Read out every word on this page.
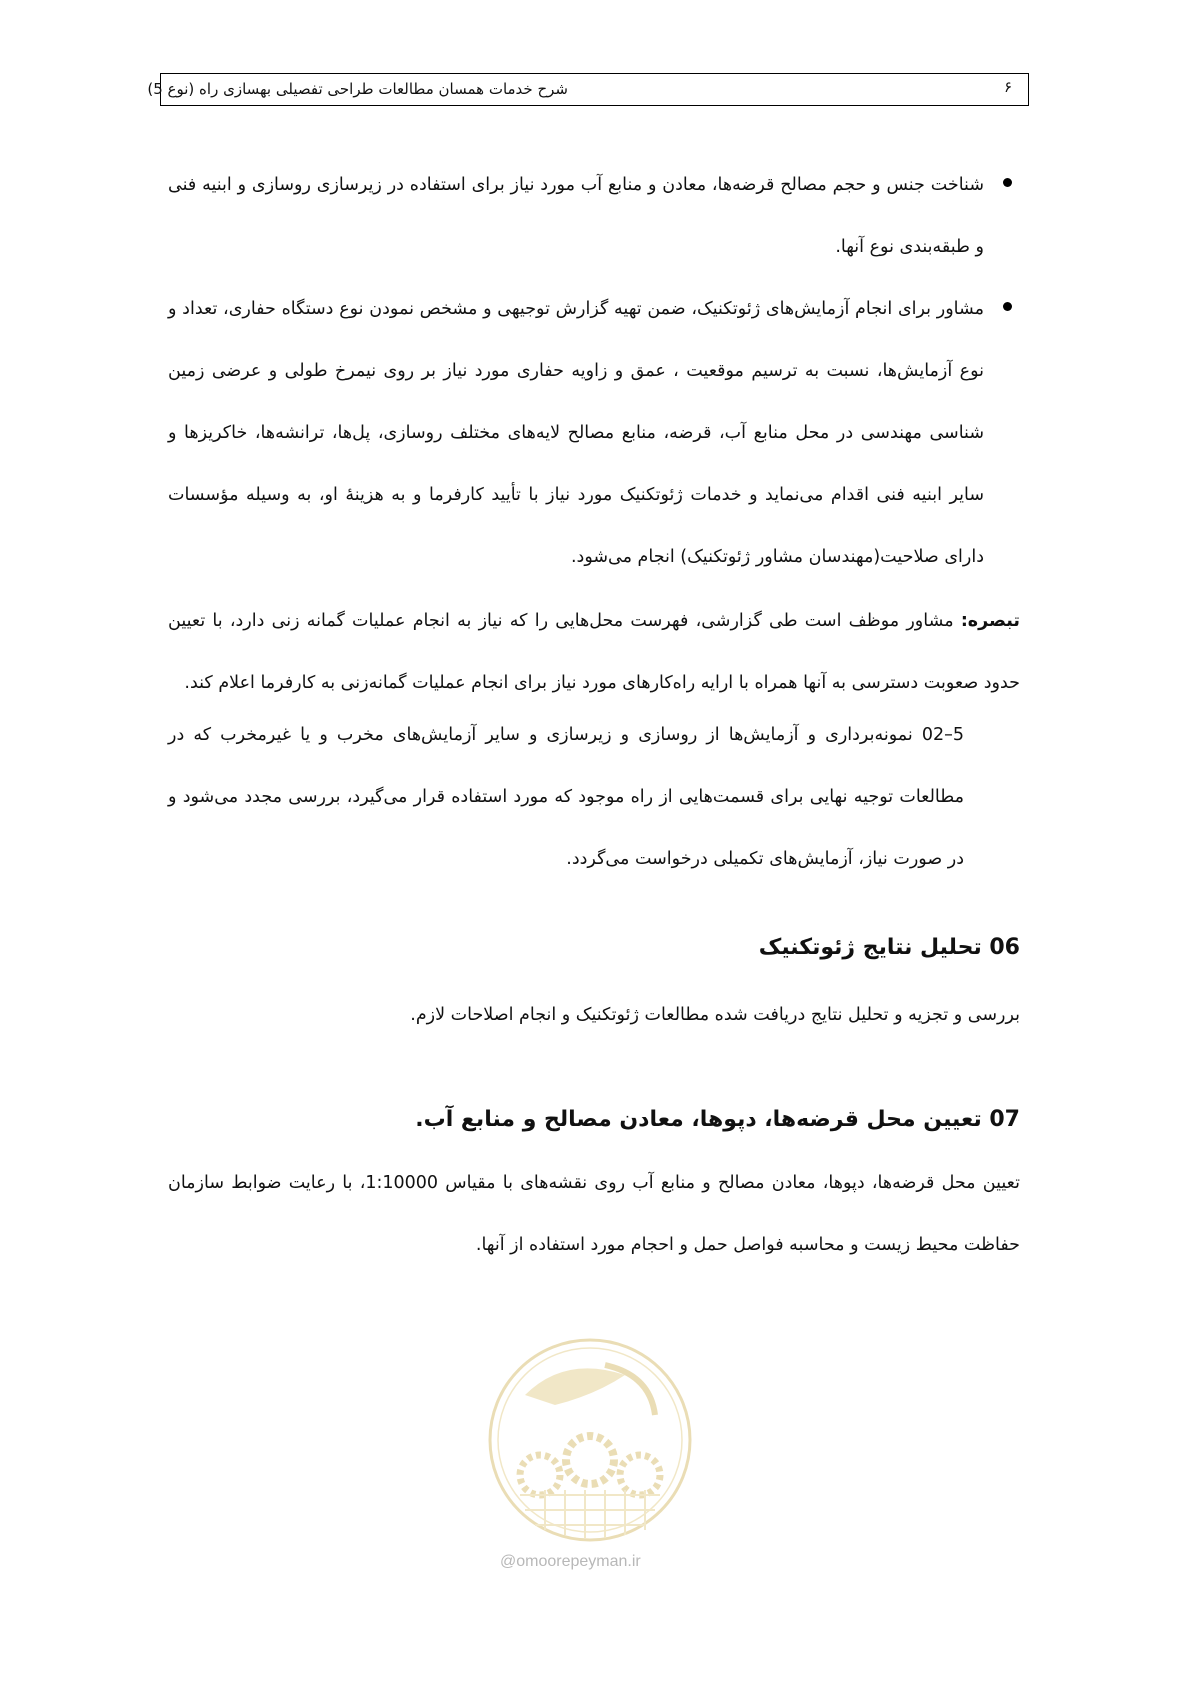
شرح خدمات همسان مطالعات طراحی تفصیلی بهسازی راه (نوع 5)	۶

شناخت جنس و حجم مصالح قرضه‌ها، معادن و منابع آب مورد نیاز برای استفاده در زیرسازی روسازی و ابنیه فنی و طبقه‌بندی نوع آنها.

مشاور برای انجام آزمایش‌های ژئوتکنیک، ضمن تهیه گزارش توجیهی و مشخص نمودن نوع دستگاه حفاری، تعداد و نوع آزمایش‌ها، نسبت به ترسیم موقعیت ، عمق و زاویه حفاری مورد نیاز بر روی نیمرخ طولی و عرضی زمین شناسی مهندسی در محل منابع آب، قرضه، منابع مصالح لایه‌های مختلف روسازی، پل‌ها، ترانشه‌ها، خاکریزها و سایر ابنیه فنی اقدام می‌نماید و خدمات ژئوتکنیک مورد نیاز با تأیید کارفرما و به هزینهٔ او، به وسیله مؤسسات دارای صلاحیت(مهندسان مشاور ژئوتکنیک) انجام می‌شود.

تبصره: مشاور موظف است طی گزارشی، فهرست محل‌هایی را که نیاز به انجام عملیات گمانه زنی دارد، با تعیین حدود صعوبت دسترسی به آنها همراه با ارایه راه‌کارهای مورد نیاز برای انجام عملیات گمانه‌زنی به کارفرما اعلام کند.

5–02 نمونه‌برداری و آزمایش‌ها از روسازی و زیرسازی و سایر آزمایش‌های مخرب و یا غیرمخرب که در مطالعات توجیه نهایی برای قسمت‌هایی از راه موجود که مورد استفاده قرار می‌گیرد، بررسی مجدد می‌شود و در صورت نیاز، آزمایش‌های تکمیلی درخواست می‌گردد.

06 تحلیل نتایج ژئوتکنیک

بررسی و تجزیه و تحلیل نتایج دریافت شده مطالعات ژئوتکنیک و انجام اصلاحات لازم.

07 تعیین محل قرضه‌ها، دپوها، معادن مصالح و منابع آب.

تعیین محل قرضه‌ها، دپوها، معادن مصالح و منابع آب روی نقشه‌های با مقیاس 1:10000، با رعایت ضوابط سازمان حفاظت محیط زیست و محاسبه فواصل حمل و احجام مورد استفاده از آنها.

@omoorepeyman.ir
